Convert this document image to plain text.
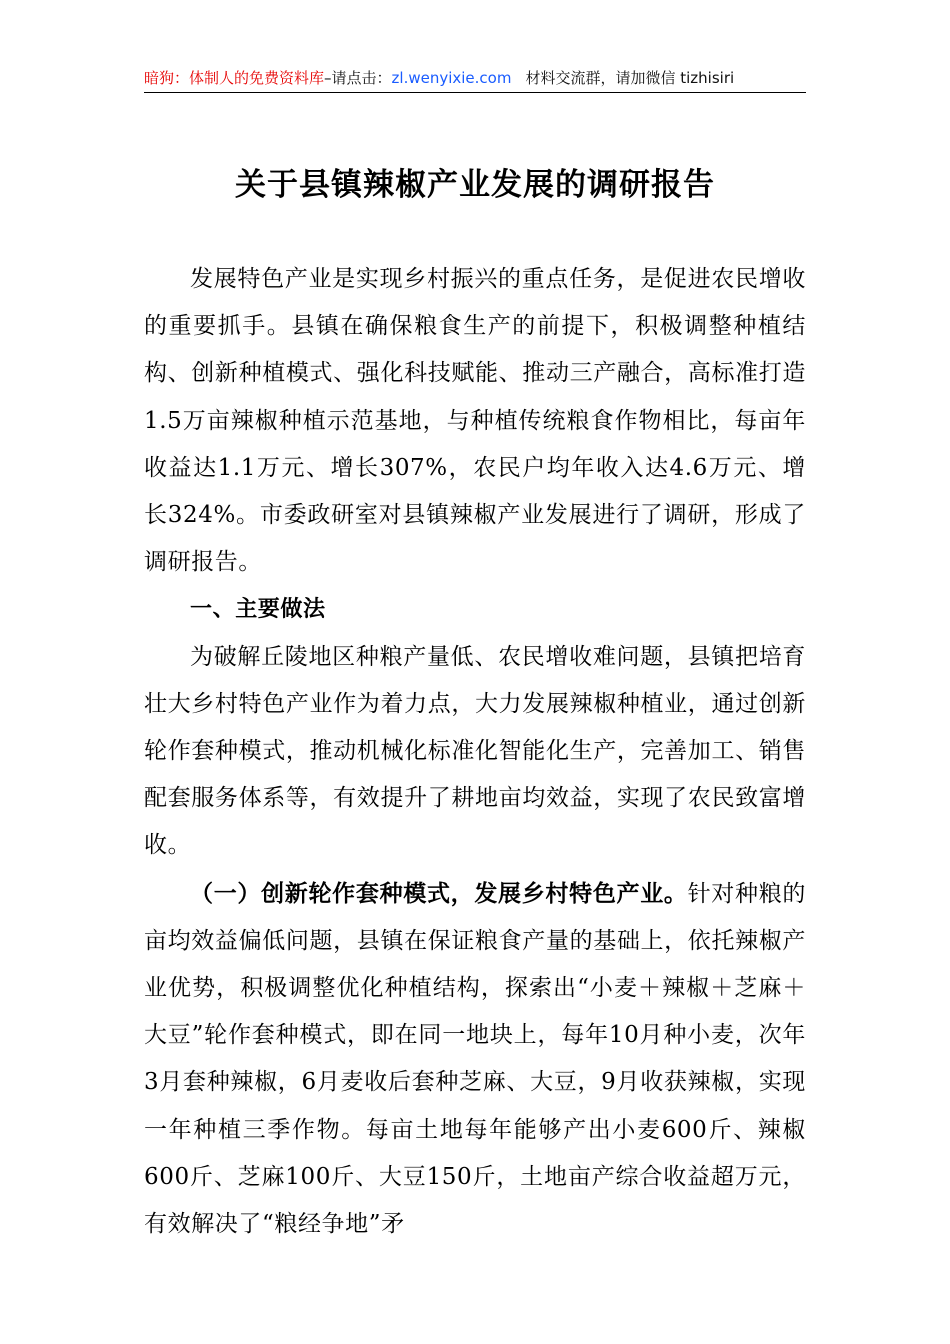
暗狗：体制人的免费资料库–请点击：zl.wenyixie.com 材料交流群，请加微信 tizhisiri
关于县镇辣椒产业发展的调研报告

发展特色产业是实现乡村振兴的重点任务，是促进农民增收的重要抓手。县镇在确保粮食生产的前提下，积极调整种植结构、创新种植模式、强化科技赋能、推动三产融合，高标准打造1.5万亩辣椒种植示范基地，与种植传统粮食作物相比，每亩年收益达1.1万元、增长307%，农民户均年收入达4.6万元、增长324%。市委政研室对县镇辣椒产业发展进行了调研，形成了调研报告。

一、主要做法

为破解丘陵地区种粮产量低、农民增收难问题，县镇把培育壮大乡村特色产业作为着力点，大力发展辣椒种植业，通过创新轮作套种模式，推动机械化标准化智能化生产，完善加工、销售配套服务体系等，有效提升了耕地亩均效益，实现了农民致富增收。

（一）创新轮作套种模式，发展乡村特色产业。针对种粮的亩均效益偏低问题，县镇在保证粮食产量的基础上，依托辣椒产业优势，积极调整优化种植结构，探索出“小麦＋辣椒＋芝麻＋大豆”轮作套种模式，即在同一地块上，每年10月种小麦，次年3月套种辣椒，6月麦收后套种芝麻、大豆，9月收获辣椒，实现一年种植三季作物。每亩土地每年能够产出小麦600斤、辣椒600斤、芝麻100斤、大豆150斤，土地亩产综合收益超万元，有效解决了“粮经争地”矛
